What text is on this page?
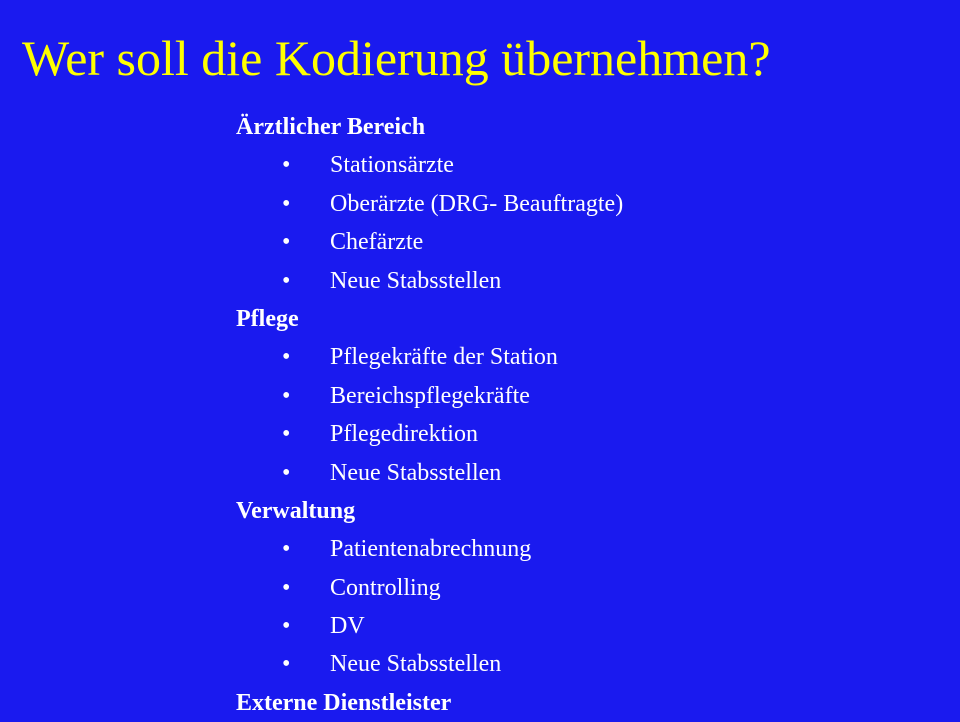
Wer soll die Kodierung übernehmen?
Ärztlicher Bereich
• Stationsärzte
• Oberärzte (DRG- Beauftragte)
• Chefärzte
• Neue Stabsstellen
Pflege
• Pflegekräfte der Station
• Bereichspflegekräfte
• Pflegedirektion
• Neue Stabsstellen
Verwaltung
• Patientenabrechnung
• Controlling
• DV
• Neue Stabsstellen
Externe Dienstleister
